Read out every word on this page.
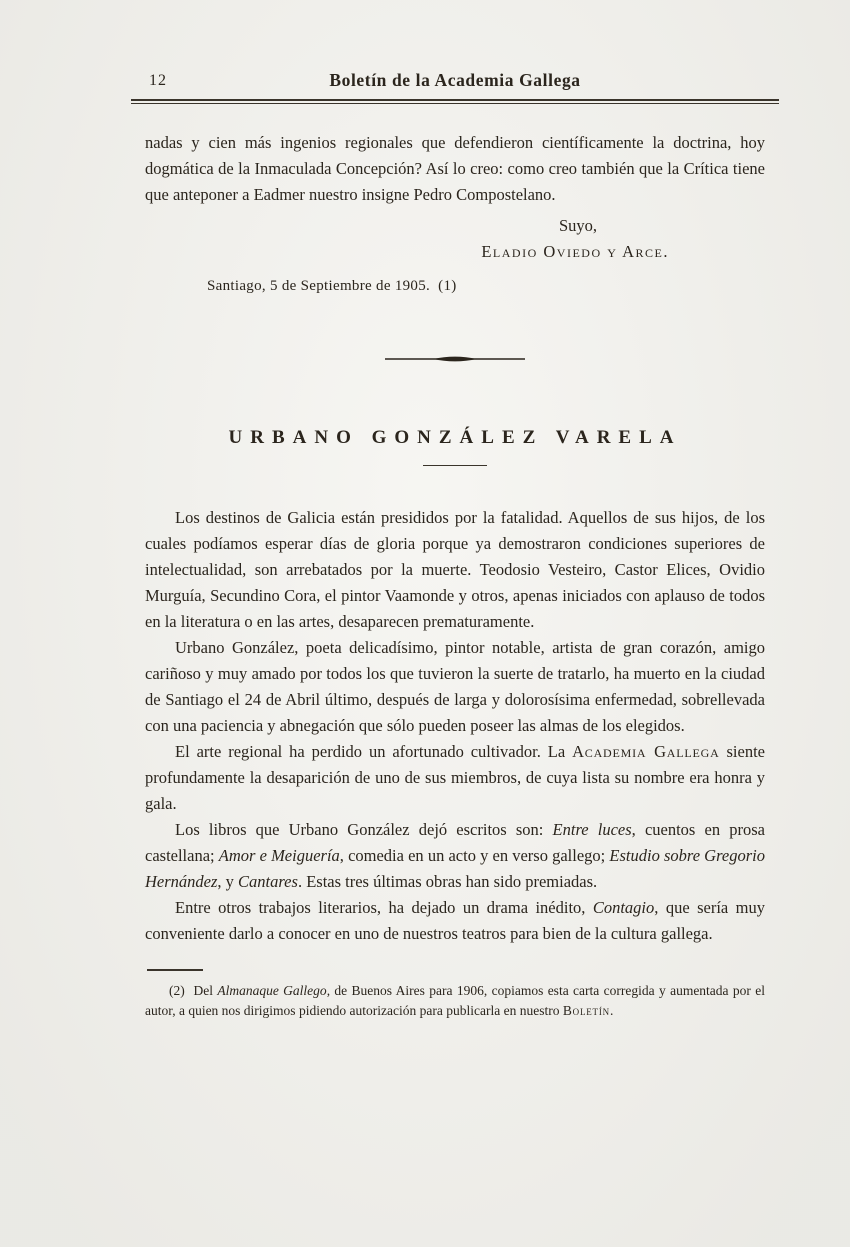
12	Boletín de la Academia Gallega

nadas y cien más ingenios regionales que defendieron científicamente la doctrina, hoy dogmática de la Inmaculada Concepción? Así lo creo: como creo también que la Crítica tiene que anteponer a Eadmer nuestro insigne Pedro Compostelano.

Suyo,
Eladio Oviedo y Arce.
Santiago, 5 de Septiembre de 1905.  (1)
URBANO GONZÁLEZ VARELA

Los destinos de Galicia están presididos por la fatalidad. Aquellos de sus hijos, de los cuales podíamos esperar días de gloria porque ya demostraron condiciones superiores de intelectualidad, son arrebatados por la muerte. Teodosio Vesteiro, Castor Elices, Ovidio Murguía, Secundino Cora, el pintor Vaamonde y otros, apenas iniciados con aplauso de todos en la literatura o en las artes, desaparecen prematuramente.

Urbano González, poeta delicadísimo, pintor notable, artista de gran corazón, amigo cariñoso y muy amado por todos los que tuvieron la suerte de tratarlo, ha muerto en la ciudad de Santiago el 24 de Abril último, después de larga y dolorosísima enfermedad, sobrellevada con una paciencia y abnegación que sólo pueden poseer las almas de los elegidos.

El arte regional ha perdido un afortunado cultivador. La Academia Gallega siente profundamente la desaparición de uno de sus miembros, de cuya lista su nombre era honra y gala.

Los libros que Urbano González dejó escritos son: Entre luces, cuentos en prosa castellana; Amor e Meiguería, comedia en un acto y en verso gallego; Estudio sobre Gregorio Hernández, y Cantares. Estas tres últimas obras han sido premiadas.

Entre otros trabajos literarios, ha dejado un drama inédito, Contagio, que sería muy conveniente darlo a conocer en uno de nuestros teatros para bien de la cultura gallega.

(2)  Del Almanaque Gallego, de Buenos Aires para 1906, copiamos esta carta corregida y aumentada por el autor, a quien nos dirigimos pidiendo autorización para publicarla en nuestro Boletín.
